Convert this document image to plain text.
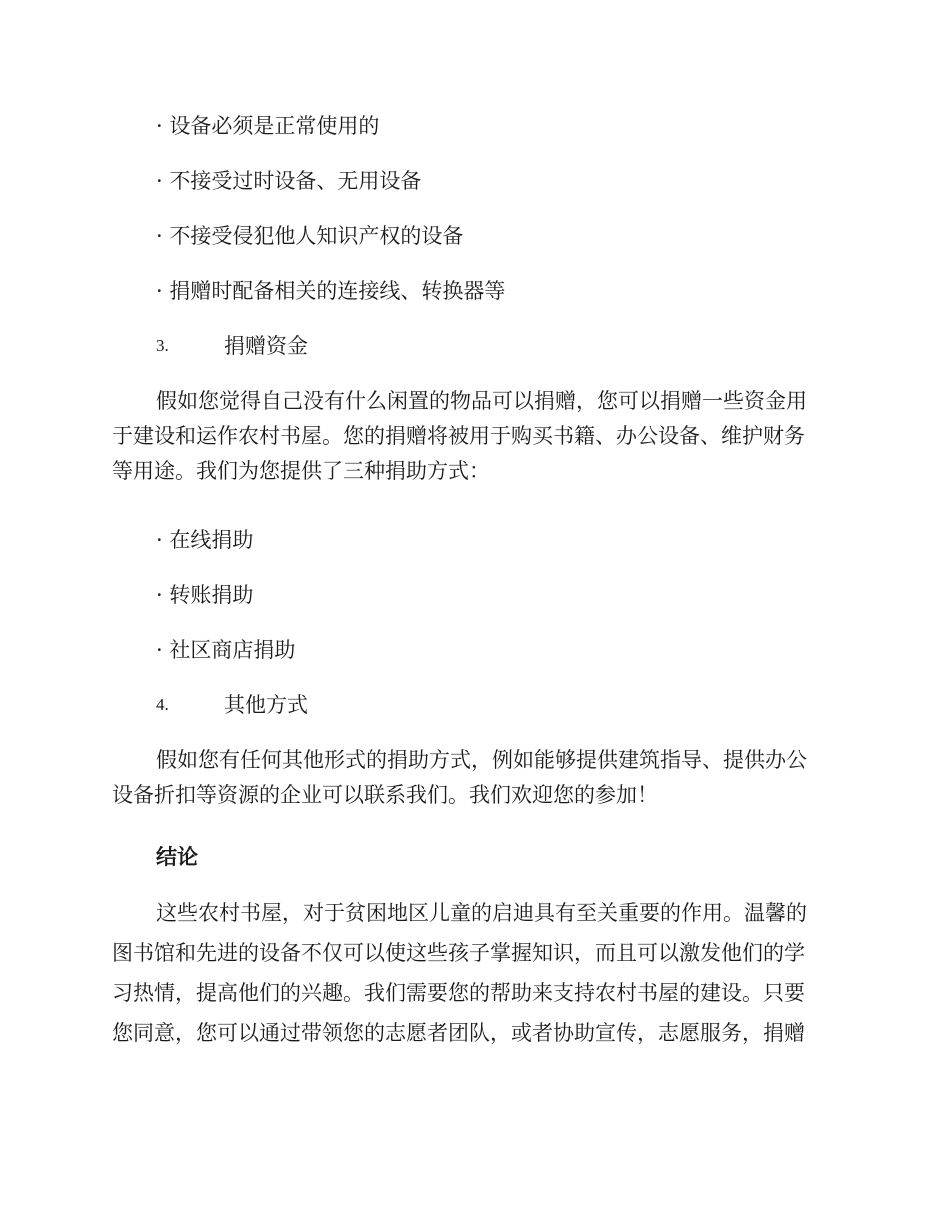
· 设备必须是正常使用的
· 不接受过时设备、无用设备
· 不接受侵犯他人知识产权的设备
· 捐赠时配备相关的连接线、转换器等
3.	捐赠资金
假如您觉得自己没有什么闲置的物品可以捐赠，您可以捐赠一些资金用
于建设和运作农村书屋。您的捐赠将被用于购买书籍、办公设备、维护财务
等用途。我们为您提供了三种捐助方式：
· 在线捐助
· 转账捐助
· 社区商店捐助
4.	其他方式
假如您有任何其他形式的捐助方式，例如能够提供建筑指导、提供办公
设备折扣等资源的企业可以联系我们。我们欢迎您的参加！
结论
这些农村书屋，对于贫困地区儿童的启迪具有至关重要的作用。温馨的
图书馆和先进的设备不仅可以使这些孩子掌握知识，而且可以激发他们的学
习热情，提高他们的兴趣。我们需要您的帮助来支持农村书屋的建设。只要
您同意，您可以通过带领您的志愿者团队，或者协助宣传，志愿服务，捐赠
